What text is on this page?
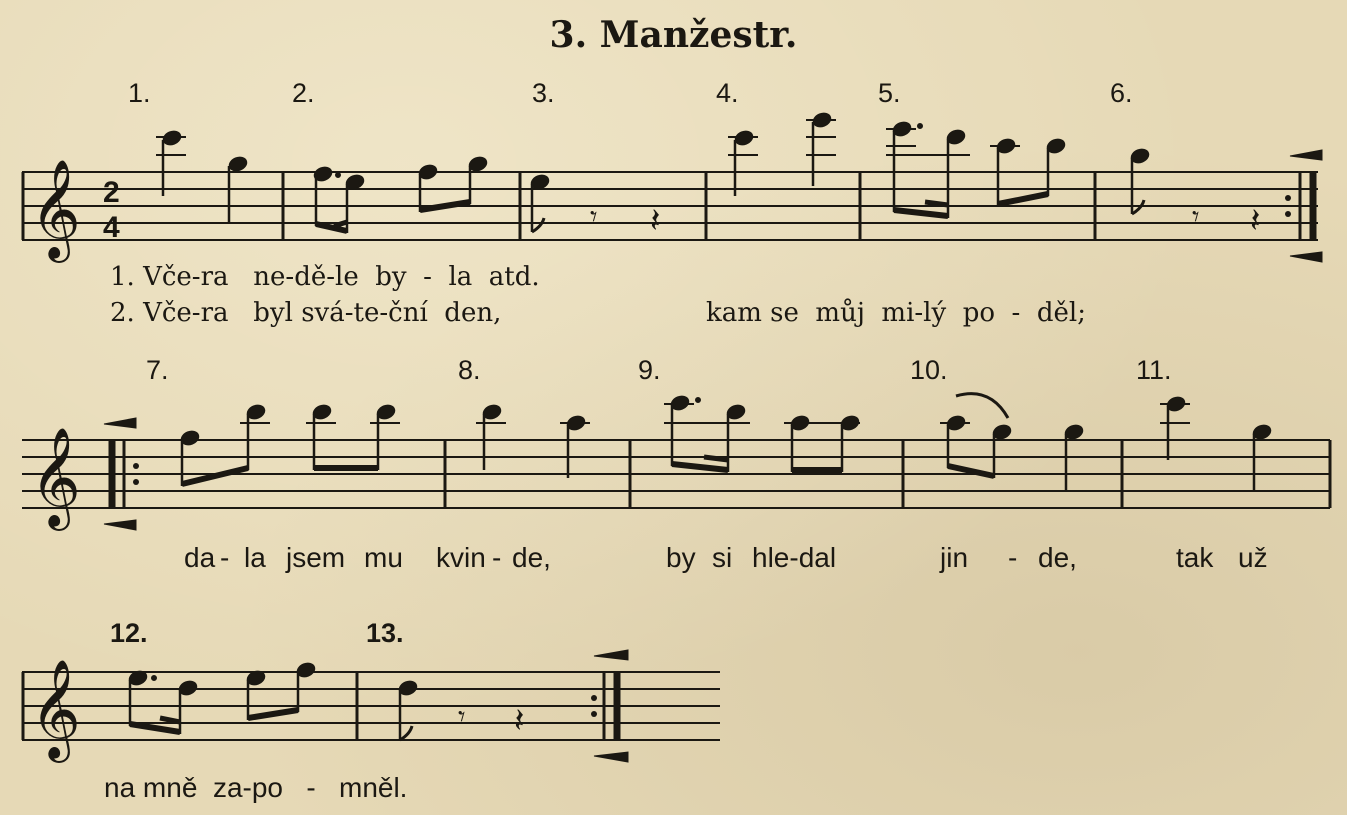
3. Manžestr.
1.	2.	3.	4.	5.	6.
7.	8.	9.	10.	11.
12.	13.
𝄞
𝄞
𝄞
2
4	𝄾 𝄽	𝄾 𝄽
𝄾 𝄽
1. Vče-ra   ne-dě-le  by  -  la  atd.
2. Vče-ra   byl svá-te-ční  den,	kam se  můj  mi-lý  po  -  děl;
da - la jsem mu kvin - de,	by si hle-dal	jin - de,	tak už
na mně  za-po   -   mněl.
